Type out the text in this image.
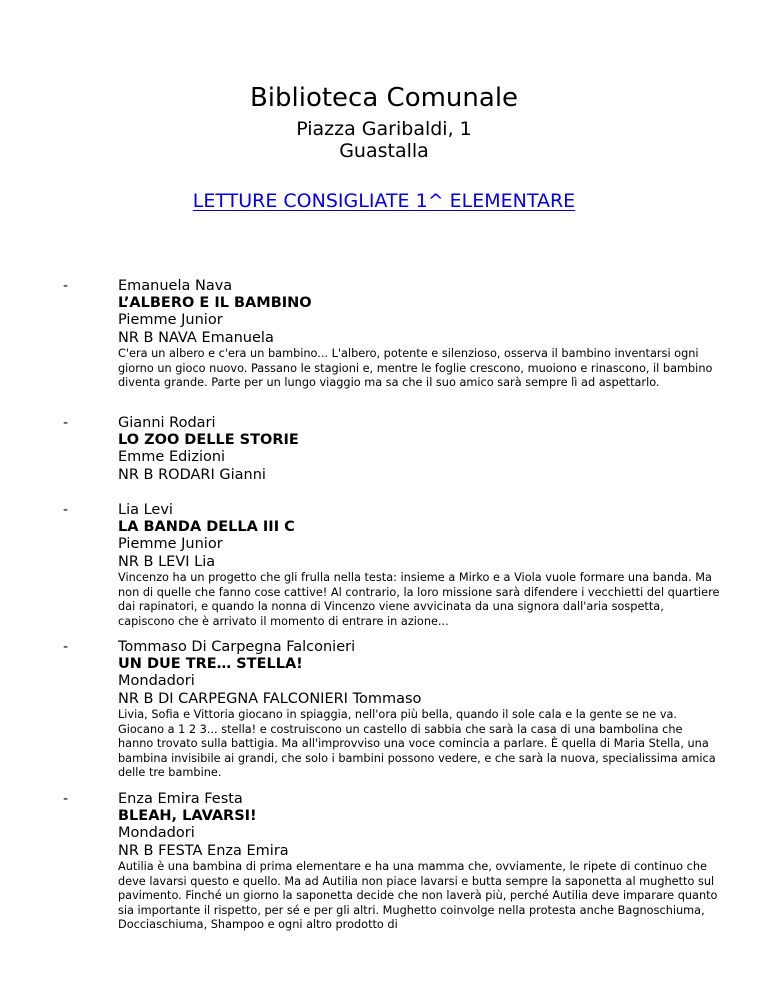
Biblioteca Comunale
Piazza Garibaldi, 1
Guastalla
LETTURE CONSIGLIATE 1^ ELEMENTARE
-	Emanuela Nava
L’ALBERO E IL BAMBINO
Piemme Junior
NR B NAVA Emanuela
C'era un albero e c'era un bambino... L'albero, potente e silenzioso, osserva il bambino inventarsi ogni giorno un gioco nuovo. Passano le stagioni e, mentre le foglie crescono, muoiono e rinascono, il bambino diventa grande. Parte per un lungo viaggio ma sa che il suo amico sarà sempre lì ad aspettarlo.
-	Gianni Rodari
LO ZOO DELLE STORIE
Emme Edizioni
NR B RODARI Gianni
-	Lia Levi
LA BANDA DELLA III C
Piemme Junior
NR B LEVI Lia
Vincenzo ha un progetto che gli frulla nella testa: insieme a Mirko e a Viola vuole formare una banda. Ma non di quelle che fanno cose cattive! Al contrario, la loro missione sarà difendere i vecchietti del quartiere dai rapinatori, e quando la nonna di Vincenzo viene avvicinata da una signora dall'aria sospetta, capiscono che è arrivato il momento di entrare in azione...
-	Tommaso Di Carpegna Falconieri
UN DUE TRE… STELLA!
Mondadori
NR B DI CARPEGNA FALCONIERI Tommaso
Livia, Sofia e Vittoria giocano in spiaggia, nell'ora più bella, quando il sole cala e la gente se ne va. Giocano a 1 2 3... stella! e costruiscono un castello di sabbia che sarà la casa di una bambolina che hanno trovato sulla battigia. Ma all'improvviso una voce comincia a parlare. È quella di Maria Stella, una bambina invisibile ai grandi, che solo i bambini possono vedere, e che sarà la nuova, specialissima amica delle tre bambine.
-	Enza Emira Festa
BLEAH, LAVARSI!
Mondadori
NR B FESTA Enza Emira
Autilia è una bambina di prima elementare e ha una mamma che, ovviamente, le ripete di continuo che deve lavarsi questo e quello. Ma ad Autilia non piace lavarsi e butta sempre la saponetta al mughetto sul pavimento. Finché un giorno la saponetta decide che non laverà più, perché Autilia deve imparare quanto sia importante il rispetto, per sé e per gli altri. Mughetto coinvolge nella protesta anche Bagnoschiuma, Docciaschiuma, Shampoo e ogni altro prodotto di
